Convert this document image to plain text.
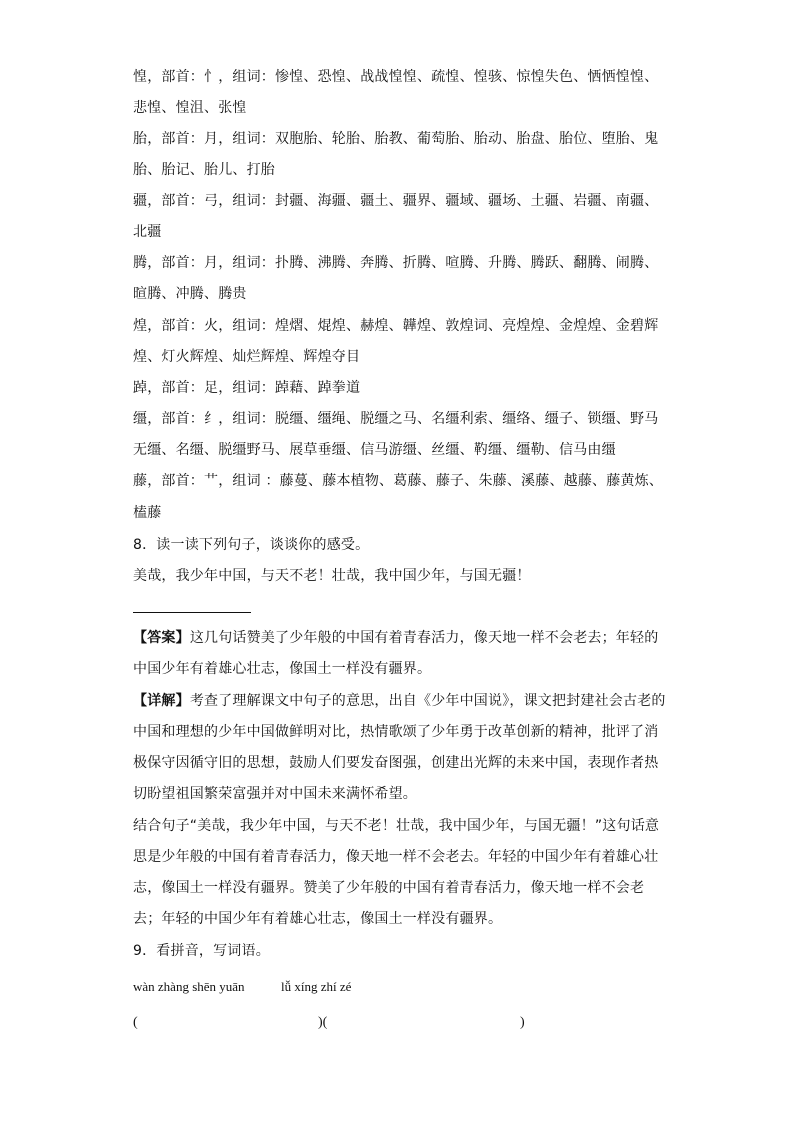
惶，部首：忄，组词：惨惶、恐惶、战战惶惶、疏惶、惶骇、惊惶失色、恓恓惶惶、
悲惶、惶沮、张惶
胎，部首：月，组词：双胞胎、轮胎、胎教、葡萄胎、胎动、胎盘、胎位、堕胎、鬼
胎、胎记、胎儿、打胎
疆，部首：弓，组词：封疆、海疆、疆土、疆界、疆域、疆场、土疆、岩疆、南疆、
北疆
腾，部首：月，组词：扑腾、沸腾、奔腾、折腾、喧腾、升腾、腾跃、翻腾、闹腾、
暄腾、冲腾、腾贵
煌，部首：火，组词：煌熠、焜煌、赫煌、韡煌、敦煌词、亮煌煌、金煌煌、金碧辉
煌、灯火辉煌、灿烂辉煌、辉煌夺目
踔，部首：足，组词：踔藉、踔拳道
缰，部首：纟，组词：脱缰、缰绳、脱缰之马、名缰利索、缰络、缰子、锁缰、野马
无缰、名缰、脱缰野马、展草垂缰、信马游缰、丝缰、靮缰、缰勒、信马由缰
藤，部首：艹，组词 ：藤蔓、藤本植物、葛藤、藤子、朱藤、溪藤、越藤、藤黄炼、
榼藤
8．读一读下列句子，谈谈你的感受。
美哉，我少年中国，与天不老！壮哉，我中国少年，与国无疆！
【答案】这几句话赞美了少年般的中国有着青春活力，像天地一样不会老去；年轻的
中国少年有着雄心壮志，像国土一样没有疆界。
【详解】考查了理解课文中句子的意思，出自《少年中国说》，课文把封建社会古老的
中国和理想的少年中国做鲜明对比，热情歌颂了少年勇于改革创新的精神，批评了消
极保守因循守旧的思想，鼓励人们要发奋图强，创建出光辉的未来中国，表现作者热
切盼望祖国繁荣富强并对中国未来满怀希望。
结合句子“美哉，我少年中国，与天不老！壮哉，我中国少年，与国无疆！”这句话意
思是少年般的中国有着青春活力，像天地一样不会老去。年轻的中国少年有着雄心壮
志，像国土一样没有疆界。赞美了少年般的中国有着青春活力，像天地一样不会老
去；年轻的中国少年有着雄心壮志，像国土一样没有疆界。
9．看拼音，写词语。
wàn zhàng shēn yuān	lǚ xíng zhí zé
(	)(	)
